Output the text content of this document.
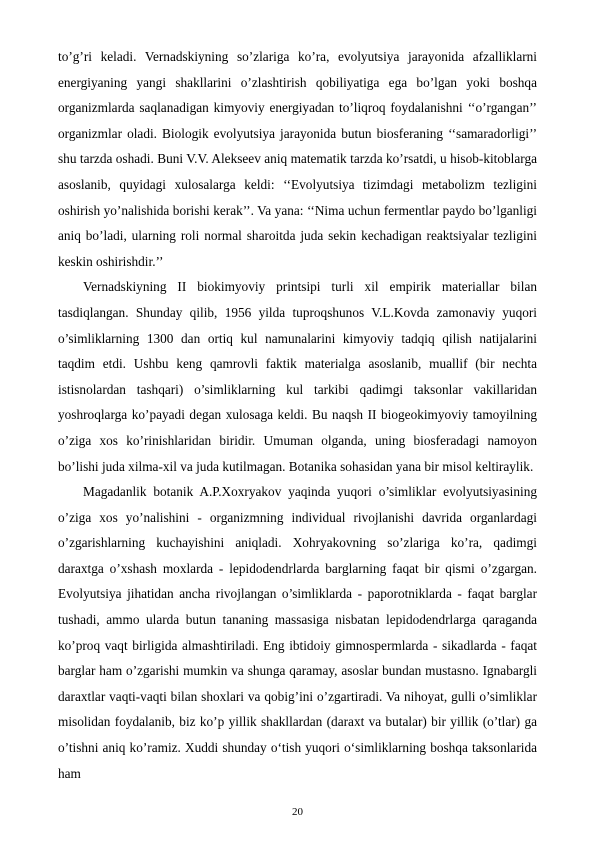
to’g’ri keladi. Vernadskiyning so’zlariga ko’ra, evolyutsiya jarayonida afzalliklarni energiyaning yangi shakllarini o’zlashtirish qobiliyatiga ega bo’lgan yoki boshqa organizmlarda saqlanadigan kimyoviy energiyadan to’liqroq foydalanishni ‘‘o’rgangan’’ organizmlar oladi. Biologik evolyutsiya jarayonida butun biosferaning ‘‘samaradorligi’’ shu tarzda oshadi. Buni V.V. Alekseev aniq matematik tarzda ko’rsatdi, u hisob-kitoblarga asoslanib, quyidagi xulosalarga keldi: ‘‘Evolyutsiya tizimdagi metabolizm tezligini oshirish yo’nalishida borishi kerak’’. Va yana: ‘‘Nima uchun fermentlar paydo bo’lganligi aniq bo’ladi, ularning roli normal sharoitda juda sekin kechadigan reaktsiyalar tezligini keskin oshirishdir.’’

Vernadskiyning II biokimyoviy printsipi turli xil empirik materiallar bilan tasdiqlangan. Shunday qilib, 1956 yilda tuproqshunos V.L.Kovda zamonaviy yuqori o’simliklarning 1300 dan ortiq kul namunalarini kimyoviy tadqiq qilish natijalarini taqdim etdi. Ushbu keng qamrovli faktik materialga asoslanib, muallif (bir nechta istisnolardan tashqari) o’simliklarning kul tarkibi qadimgi taksonlar vakillaridan yoshroqlarga ko’payadi degan xulosaga keldi. Bu naqsh II biogeokimyoviy tamoyilning o’ziga xos ko’rinishlaridan biridir. Umuman olganda, uning biosferadagi namoyon bo’lishi juda xilma-xil va juda kutilmagan. Botanika sohasidan yana bir misol keltiraylik.

Magadanlik botanik A.P.Xoxryakov yaqinda yuqori o’simliklar evolyutsiyasining o’ziga xos yo’nalishini - organizmning individual rivojlanishi davrida organlardagi o’zgarishlarning kuchayishini aniqladi. Xohryakovning so’zlariga ko’ra, qadimgi daraxtga o’xshash moxlarda - lepidodendrlarda barglarning faqat bir qismi o’zgargan. Evolyutsiya jihatidan ancha rivojlangan o’simliklarda - paporotniklarda - faqat barglar tushadi, ammo ularda butun tananing massasiga nisbatan lepidodendrlarga qaraganda ko’proq vaqt birligida almashtiriladi. Eng ibtidoiy gimnospermlarda - sikadlarda - faqat barglar ham o’zgarishi mumkin va shunga qaramay, asoslar bundan mustasno. Ignabargli daraxtlar vaqti-vaqti bilan shoxlari va qobig’ini o’zgartiradi. Va nihoyat, gulli o’simliklar misolidan foydalanib, biz ko’p yillik shakllardan (daraxt va butalar) bir yillik (o’tlar) ga o’tishni aniq ko’ramiz. Xuddi shunday o‘tish yuqori o‘simliklarning boshqa taksonlarida ham

20
